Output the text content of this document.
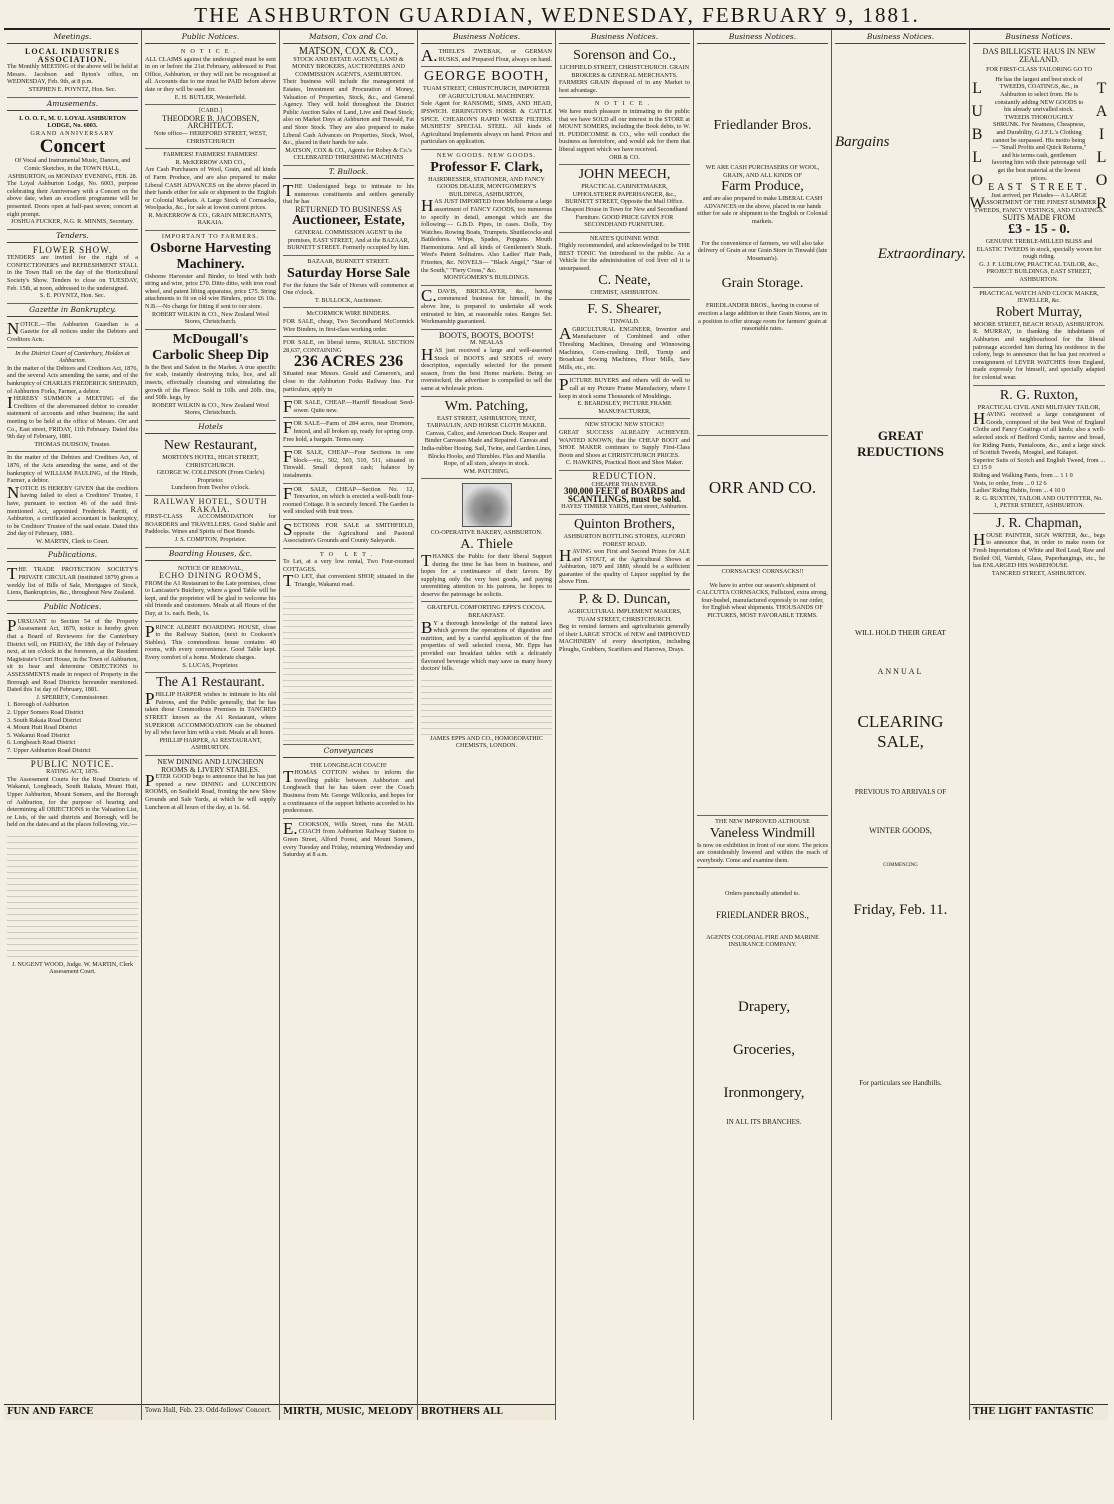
THE ASHBURTON GUARDIAN, WEDNESDAY, FEBRUARY 9, 1881.
Meetings.
LOCAL INDUSTRIES ASSOCIATION.
The Monthly MEETING of the above will be held at Messrs. Jacobson and Ryton's office, on WEDNESDAY, Feb. 9th, at 8 p.m.
STEPHEN E. POYNTZ, Hon. Sec.
Amusements.
I. O. O. F., M. U. LOYAL ASHBURTON LODGE, No. 6003.
GRAND ANNIVERSARY
Concert
Of Vocal and Instrumental Music, Dances, and Comic Sketches, in the TOWN HALL, ASHBURTON, on MONDAY EVENING, FEB. 28.
The Loyal Ashburton Lodge, No. 6003, purpose celebrating their Anniversary with a Concert on the above date, when an excellent programme will be presented. Doors open at half-past seven; concert at eight prompt.
JOSHUA FUCKER, N.G. R. MINNIS, Secretary.
Tenders.
FLOWER SHOW.
TENDERS are invited for the right of a CONFECTIONER'S and REFRESHMENT STALL in the Town Hall on the day of the Horticultural Society's Show. Tenders to close on TUESDAY, Feb. 15th, at noon, addressed to the undersigned.
S. E. POYNTZ, Hon. Sec.
Gazette in Bankruptcy.
NOTICE.—The Ashburton Guardian is a Gazette for all notices under the Debtors and Creditors Acts.
In the District Court of Canterbury, Holden at Ashburton.
In the matter of the Debtors and Creditors Act, 1876, and the several Acts amending the same, and of the bankruptcy of CHARLES FREDERICK SHEPARD, of Ashburton Forks, Farmer, a debtor.
IHEREBY SUMMON a MEETING of the Creditors of the abovenamed debtor to consider statement of accounts and other business; the said meeting to be held at the office of Messrs. Orr and Co., East street, FRIDAY, 11th February. Dated this 9th day of February, 1881.
THOMAS DUDSON, Trustee.
In the matter of the Debtors and Creditors Act, of 1876, of the Acts amending the same, and of the bankruptcy of WILLIAM PAULING, of the Hinds, Farmer, a debtor.
NOTICE IS HEREBY GIVEN that the creditors having failed to elect a Creditors' Trustee, I have, pursuant to section 46 of the said first-mentioned Act, appointed Frederick Parritt, of Ashburton, a certificated accountant in bankruptcy, to be Creditors' Trustee of the said estate. Dated this 2nd day of February, 1881.
W. MARTIN, Clerk to Court.
Publications.
THE TRADE PROTECTION SOCIETY'S PRIVATE CIRCULAR (instituted 1879) gives a weekly list of Bills of Sale, Mortgages of Stock, Liens, Bankruptcies, &c., throughout New Zealand.
Public Notices.
PURSUANT to Section 54 of the Property Assessment Act, 1879, notice is hereby given that a Board of Reviewers for the Canterbury District will, on FRIDAY, the 18th day of February next, at ten o'clock in the forenoon, at the Resident Magistrate's Court House, in the Town of Ashburton, sit to hear and determine OBJECTIONS to ASSESSMENTS made in respect of Property in the Borough and Road Districts hereunder mentioned. Dated this 1st day of February, 1881.
J. SPERREY, Commissioner.
1. Borough of Ashburton
2. Upper Somers Road District
3. South Rakaia Road District
4. Mount Hutt Road District
5. Wakanui Road District
6. Longbeach Road District
7. Upper Ashburton Road District
PUBLIC NOTICE.
RATING ACT, 1876.
The Assessment Courts for the Road Districts of Wakanui, Longbeach, South Rakaia, Mount Hutt, Upper Ashburton, Mount Somers, and the Borough of Ashburton, for the purpose of hearing and determining all OBJECTIONS to the Valuation List, or Lists, of the said districts and Borough, will be held on the dates and at the places following, viz.:—
J. NUGENT WOOD, Judge. W. MARTIN, Clerk Assessment Court.
FUN AND FARCE
Public Notices.
NOTICE.
ALL CLAIMS against the undersigned must be sent in on or before the 21st February, addressed to Post Office, Ashburton, or they will not be recognised at all. Accounts due to me must be PAID before above date or they will be sued for.
E. H. BUTLER, Westerfield.
[CARD.]
THEODORE B. JACOBSEN, ARCHITECT.
Note office— HEREFORD STREET, WEST, CHRISTCHURCH
FARMERS! FARMERS! FARMERS!
R. McKERROW AND CO.,
Are Cash Purchasers of Wool, Grain, and all kinds of Farm Produce, and are also prepared to make Liberal CASH ADVANCES on the above placed in their hands either for sale or shipment to the English or Colonial Markets. A Large Stock of Cornsacks, Woolpacks, &c., for sale at lowest current prices.
R. McKERROW & CO., GRAIN MERCHANTS, RAKAIA.
IMPORTANT TO FARMERS.
Osborne Harvesting Machinery.
Osborne Harvester and Binder, to bind with both string and wire, price £70. Ditto ditto, with iron road wheel, and patent lifting apparatus, price £75. String attachments to fit on old wire Binders, price £6 10s. N.B.—No charge for fitting if sent to our store.
ROBERT WILKIN & CO., New Zealand Wool Stores, Christchurch.
McDougall's Carbolic Sheep Dip
Is the Best and Safest in the Market. A true specific for scab, instantly destroying ticks, lice, and all insects, effectually cleansing and stimulating the growth of the Fleece. Sold in 10lb. and 20lb. tins, and 50lb. kegs, by
ROBERT WILKIN & CO., New Zealand Wool Stores, Christchurch.
Hotels
New Restaurant,
MORTON'S HOTEL, HIGH STREET, CHRISTCHURCH.
GEORGE W. COLLINSON (From Curle's) Proprietor.
Luncheon from Twelve o'clock.
RAILWAY HOTEL, SOUTH RAKAIA.
FIRST-CLASS ACCOMMODATION for BOARDERS and TRAVELLERS. Good Stable and Paddocks. Wines and Spirits of Best Brands.
J. S. COMPTON, Proprietor.
Boarding Houses, &c.
NOTICE OF REMOVAL,
ECHO DINING ROOMS,
FROM the A1 Restaurant to the Late premises, close to Lancaster's Butchery, where a good Table will be kept, and the proprietor will be glad to welcome his old friends and customers. Meals at all Hours of the Day, at 1s. each. Beds, 1s.
PRINCE ALBERT BOARDING HOUSE, close to the Railway Station, (next to Cookson's Stables). This commodious house contains 40 rooms, with every convenience. Good Table kept. Every comfort of a home. Moderate charges.
S. LUCAS, Proprietor.
The A1 Restaurant.
PHILLIP HARPER wishes to intimate to his old Patrons, and the Public generally, that he has taken those Commodious Premises in TANCRED STREET known as the A1 Restaurant, where SUPERIOR ACCOMMODATION can be obtained by all who favor him with a visit. Meals at all hours.
PHILLIP HARPER, A1 RESTAURANT, ASHBURTON.
NEW DINING AND LUNCHEON ROOMS & LIVERY STABLES.
PETER GOOD begs to announce that he has just opened a new DINING and LUNCHEON ROOMS, on Seafield Road, fronting the new Show Grounds and Sale Yards, at which he will supply Luncheon at all hours of the day, at 1s. 6d.
Town Hall, Feb. 23. Odd-fellows' Concert.
Matson, Cox and Co.
MATSON, COX & CO.,
STOCK AND ESTATE AGENTS, LAND & MONEY BROKERS, AUCTIONEERS AND COMMISSION AGENTS, ASHBURTON.
Their business will include the management of Estates, Investment and Procuration of Money, Valuation of Properties, Stock, &c., and General Agency. They will hold throughout the District Public Auction Sales of Land, Live and Dead Stock; also on Market Days at Ashburton and Tinwald, Fat and Store Stock. They are also prepared to make Liberal Cash Advances on Properties, Stock, Wool, &c., placed in their hands for sale.
MATSON, COX & CO., Agents for Robey & Co.'s CELEBRATED THRESHING MACHINES
T. Bullock.
THE Undersigned begs to intimate to his numerous constituents and settlers generally that he has
RETURNED TO BUSINESS AS
Auctioneer, Estate,
GENERAL COMMISSION AGENT In the premises, EAST STREET, And at the BAZAAR, BURNETT STREET. Formerly occupied by him.
BAZAAR, BURNETT STREET.
Saturday Horse Sale
For the future the Sale of Horses will commence at One o'clock.
T. BULLOCK, Auctioneer.
McCORMICK WIRE BINDERS.
FOR SALE, cheap, Two Secondhand McCormick Wire Binders, in first-class working order.
FOR SALE, on liberal terms, RURAL SECTION 28,637, CONTAINING
236 ACRES 236
Situated near Messrs. Gould and Cameron's, and close to the Ashburton Forks Railway line. For particulars, apply to
FOR SALE, CHEAP.—Harriff Broadcast Seed-sower. Quite new.
FOR SALE—Farm of 284 acres, near Dromore, fenced, and all broken up, ready for spring crop. Free hold, a bargain. Terms easy.
FOR SALE, CHEAP—Four Sections in one block—viz., 502, 503, 510, 511, situated in Tinwald. Small deposit cash; balance by instalments.
FOR SALE, CHEAP—Section No. 12, Tenvarton, on which is erected a well-built four-roomed Cottage. It is securely fenced. The Garden is well stocked with fruit trees.
SECTIONS FOR SALE at SMITHFIELD, opposite the Agricultural and Pastoral Association's Grounds and County Saleyards.
TO LET.
To Let, at a very low rental, Two Four-roomed COTTAGES.
TO LET, that convenient SHOP, situated in the Triangle, Wakanui road.
Conveyances
THE LONGBEACH COACH!
THOMAS COTTON wishes to inform the travelling public between Ashburton and Longbeach that he has taken over the Coach Business from Mr. George Willcocks, and hopes for a continuance of the support hitherto accorded to his predecessor.
E.COOKSON, Wills Street, runs the MAIL COACH from Ashburton Railway Station to Green Street, Alford Forest, and Mount Somers, every Tuesday and Friday, returning Wednesday and Saturday at 8 a.m.
MIRTH, MUSIC, MELODY
Business Notices.
A.THIELE'S ZWEBAK, or GERMAN RUSKS, and Prepared Flour, always on hand.
GEORGE BOOTH,
TUAM STREET, CHRISTCHURCH, IMPORTER OF AGRICULTURAL MACHINERY.
Sole Agent for RANSOME, SIMS, AND HEAD, IPSWICH. ERRINGTON'S HORSE & CATTLE SPICE. CHEARON'S RAPID WATER FILTERS. MUSHETS' SPECIAL STEEL. All kinds of Agricultural Implements always on hand. Prices and particulars on application.
NEW GOODS. NEW GOODS.
Professor F. Clark,
HAIRDRESSER, STATIONER, AND FANCY GOODS DEALER, MONTGOMERY'S BUILDINGS, ASHBURTON,
HAS JUST IMPORTED from Melbourne a large assortment of FANCY GOODS, too numerous to specify in detail, amongst which are the following:— G.B.D. Pipes, in cases. Dolls, Toy Watches. Rowing Boats, Trumpets. Shuttlecocks and Battledores. Whips, Spades, Popguns. Mouth Harmoniums. And all kinds of Gentlemen's Studs. West's Patent Solitaires. Also Ladies' Hair Pads, Frizettes, &c. NOVELS— "Black Angel," "Star of the South," "Fiery Cross," &c.
MONTGOMERY'S BUILDINGS.
C.DAVIS, BRICKLAYER, &c., having commenced business for himself, in the above line, is prepared to undertake all work entrusted to him, at reasonable rates. Ranges Set. Workmanship guaranteed.
BOOTS, BOOTS, BOOTS!
M. NEALAS
HAS just received a large and well-assorted Stock of BOOTS and SHOES of every description, especially selected for the present season, from the best Home markets. Being so overstocked, the advertiser is compelled to sell the same at wholesale prices.
Wm. Patching,
EAST STREET, ASHBURTON, TENT, TARPAULIN, AND HORSE CLOTH MAKER.
Canvas, Calico, and American Duck. Reaper and Binder Canvases Made and Repaired. Canvas and India-rubber Hosing. Sail, Twine, and Garden Lines, Blocks Hooks, and Thimbles. Flax and Manilla Rope, of all sizes, always in stock.
WM. PATCHING.
CO-OPERATIVE BAKERY, ASHBURTON.
A. Thiele
THANKS the Public for their liberal Support during the time he has been in business, and hopes for a continuance of their favors. By supplying only the very best goods, and paying unremitting attention to his patrons, he hopes to deserve the patronage he solicits.
GRATEFUL COMFORTING EPPS'S COCOA. BREAKFAST.
BY a thorough knowledge of the natural laws which govern the operations of digestion and nutrition, and by a careful application of the fine properties of well selected cocoa, Mr. Epps has provided our breakfast tables with a delicately flavoured beverage which may save us many heavy doctors' bills.
JAMES EPPS AND CO., HOMOEOPATHIC CHEMISTS, LONDON.
BROTHERS ALL
Business Notices.
Sorenson and Co.,
LICHFIELD STREET, CHRISTCHURCH. GRAIN BROKERS & GENERAL MERCHANTS.
FARMERS GRAIN disposed of in any Market to best advantage.
NOTICE.
We have much pleasure in intimating to the public that we have SOLD all our interest in the STORE at MOUNT SOMERS, including the Book debts, to W. H. PUDDICOMBE & CO., who will conduct the business as heretofore, and would ask for them that liberal support which we have received.
ORR & CO.
JOHN MEECH,
PRACTICAL CABINETMAKER, UPHOLSTERER PAPERHANGER, &c., BURNETT STREET, Opposite the Mail Office.
Cheapest House in Town for New and Secondhand Furniture. GOOD PRICE GIVEN FOR SECONDHAND FURNITURE.
NEATE'S QUININE WINE
Highly recommended, and acknowledged to be THE BEST TONIC Yet introduced to the public. As a Vehicle for the administration of cod liver oil it is unsurpassed.
C. Neate,
CHEMIST, ASHBURTON.
F. S. Shearer,
TINWALD.
AGRICULTURAL ENGINEER, Inventor and Manufacturer of Combined and other Threshing Machines, Dressing and Winnowing Machines, Corn-crushing Drill, Turnip and Broadcast Sowing Machines, Flour Mills, Saw Mills, etc., etc.
PICTURE BUYERS and others will do well to call at my Picture Frame Manufactory, where I keep in stock some Thousands of Mouldings.
E. BEARDSLEY, PICTURE FRAME MANUFACTURER,
NEW STOCK! NEW STOCK!!
GREAT SUCCESS ALREADY ACHIEVED. WANTED KNOWN, that the CHEAP BOOT and SHOE MAKER continues to Supply First-Class Boots and Shoes at CHRISTCHURCH PRICES.
C. HAWKINS, Practical Boot and Shoe Maker.
REDUCTION.
CHEAPER THAN EVER.
300,000 FEET of BOARDS and SCANTLINGS, must be sold.
HAYES' TIMBER YARDS, East street, Ashburton.
Quinton Brothers,
ASHBURTON BOTTLING STORES, ALFORD FOREST ROAD.
HAVING won First and Second Prizes for ALE and STOUT, at the Agricultural Shows at Ashburton, 1879 and 1880, should be a sufficient guarantee of the quality of Liquor supplied by the above Firm.
P. & D. Duncan,
AGRICULTURAL IMPLEMENT MAKERS, TUAM STREET, CHRISTCHURCH.
Beg to remind farmers and agriculturists generally of their LARGE STOCK of NEW and IMPROVED MACHINERY of every description, including Ploughs, Grubbers, Scarifiers and Harrows, Drays.
Business Notices.
Friedlander Bros.
WE ARE CASH PURCHASERS OF WOOL, GRAIN, AND ALL KINDS OF
Farm Produce,
and are also prepared to make LIBERAL CASH ADVANCES on the above, placed in our hands either for sale or shipment to the English or Colonial markets.
For the convenience of farmers, we will also take delivery of Grain at our Grain Store in Tinwald (late Mossman's).
Grain Storage.
FRIEDLANDER BROS., having in course of erection a large addition to their Grain Stores, are in a position to offer storage room for farmers' grain at reasonable rates.
ORR AND CO.
CORNSACKS! CORNSACKS!!
We have to arrive our season's shipment of CALCUTTA CORNSACKS, Fullsized, extra strong, four-bushel, manufactured expressly to our order, for English wheat shipments. THOUSANDS OF PICTURES, MOST FAVORABLE TERMS.
THE NEW IMPROVED ALTHOUSE
Vaneless Windmill
Is now on exhibition in front of our store. The prices are considerably lowered and within the reach of everybody. Come and examine them.
Orders punctually attended to.
FRIEDLANDER BROS.,
AGENTS COLONIAL FIRE AND MARINE INSURANCE COMPANY.
Business Notices.
Bargains
Extraordinary.
GREAT REDUCTIONS
WILL HOLD THEIR GREAT
ANNUAL
CLEARING SALE,
PREVIOUS TO ARRIVALS OF
WINTER GOODS,
COMMENCING
Friday, Feb. 11.
For particulars see Handbills.
Drapery,
Groceries,
Ironmongery,
IN ALL ITS BRANCHES.
Business Notices.
DAS BILLIGSTE HAUS IN NEW ZEALAND.
FOR FIRST-CLASS TAILORING GO TO
LUBLOW	TAILOR
He has the largest and best stock of TWEEDS, COATINGS, &c., in Ashburton to select from. He is constantly adding NEW GOODS to his already unrivalled stock. TWEEDS THOROUGHLY SHRUNK. For Neatness, Cheapness, and Durability, G.J.F.L.'s Clothing cannot be surpassed. His motto being— "Small Profits and Quick Returns," and his terms cash, gentlemen favoring him with their patronage will get the best material at the lowest prices.
EAST STREET.
Just arrived, per Pleiades— A LARGE ASSORTMENT OF THE FINEST SUMMER TWEEDS, FANCY VESTINGS, AND COATINGS.
SUITS MADE FROM
£3 - 15 - 0.
GENUINE TREBLE-MILLED BLISS and ELASTIC TWEEDS in stock, specially woven for rough riding.
G. J. F. LUBLOW, PRACTICAL TAILOR, &c., PROJECT BUILDINGS, EAST STREET, ASHBURTON.
PRACTICAL WATCH AND CLOCK MAKER, JEWELLER, &c.
Robert Murray,
MOORE STREET, BEACH ROAD, ASHBURTON.
R. MURRAY, in thanking the inhabitants of Ashburton and neighbourhood for the liberal patronage accorded him during his residence in the colony, begs to announce that he has just received a consignment of LEVER WATCHES from England, made expressly for himself, and specially adapted for colonial wear.
R. G. Ruxton,
PRACTICAL CIVIL AND MILITARY TAILOR,
HAVING received a large consignment of Goods, composed of the best West of England Cloths and Fancy Coatings of all kinds; also a well-selected stock of Bedford Cords, narrow and broad, for Riding Pants, Pantaloons, &c., and a large stock of Scottish Tweeds, Mosgiel, and Kaiapoi.
Superior Suits of Scotch and English Tweed, from ... £3 15 0
Riding and Walking Pants, from ... 1 1 0
Vests, to order, from ... 0 12 6
Ladies' Riding Habits, from ... 4 10 0
R. G. RUXTON, TAILOR AND OUTFITTER, No. 1, PETER STREET, ASHBURTON.
J. R. Chapman,
HOUSE PAINTER, SIGN WRITER, &c., begs to announce that, in order to make room for Fresh Importations of White and Red Lead, Raw and Boiled Oil, Varnish, Glass, Paperhangings, etc., he has ENLARGED HIS WAREHOUSE.
TANCRED STREET, ASHBURTON.
THE LIGHT FANTASTIC
